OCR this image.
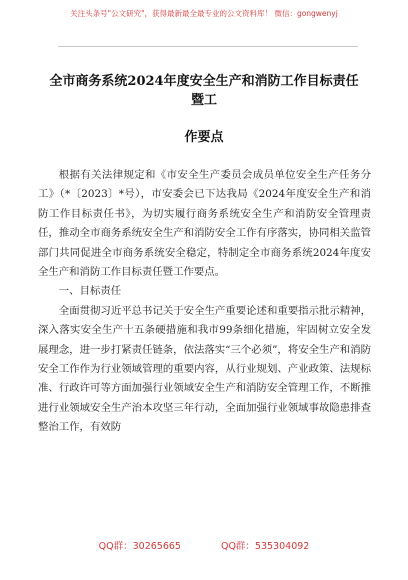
关注头条号"公文研究"，获得最新最全最专业的公文资料库！ 微信：gongwenyj
全市商务系统2024年度安全生产和消防工作目标责任暨工
作要点

根据有关法律规定和《市安全生产委员会成员单位安全生产任务分工》（*〔2023〕*号），市安委会已下达我局《2024年度安全生产和消防工作目标责任书》，为切实履行商务系统安全生产和消防安全管理责任，推动全市商务系统安全生产和消防安全工作有序落实，协同相关监管部门共同促进全市商务系统安全稳定，特制定全市商务系统2024年度安全生产和消防工作目标责任暨工作要点。

一、目标责任

全面贯彻习近平总书记关于安全生产重要论述和重要指示批示精神，深入落实安全生产十五条硬措施和我市99条细化措施，牢固树立安全发展理念，进一步打紧责任链条，依法落实“三个必须”，将安全生产和消防安全工作作为行业领域管理的重要内容，从行业规划、产业政策、法规标准、行政许可等方面加强行业领域安全生产和消防安全管理工作，不断推进行业领域安全生产治本攻坚三年行动，全面加强行业领域事故隐患排查整治工作，有效防

QQ群：30265665	QQ群：535304092
